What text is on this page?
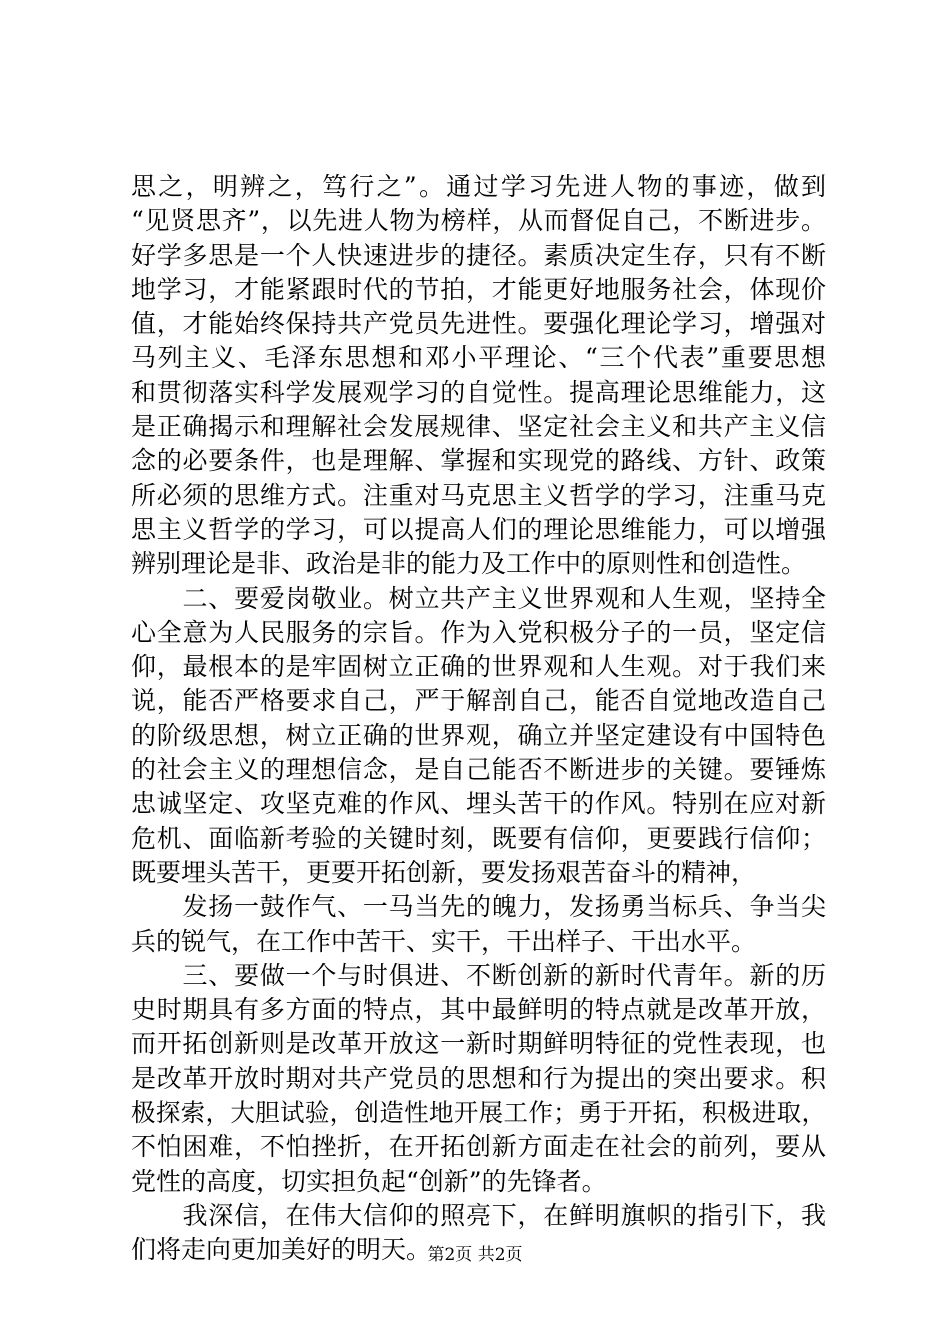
思之，明辨之，笃行之”。通过学习先进人物的事迹，做到
“见贤思齐”，以先进人物为榜样，从而督促自己，不断进步。
好学多思是一个人快速进步的捷径。素质决定生存，只有不断
地学习，才能紧跟时代的节拍，才能更好地服务社会，体现价
值，才能始终保持共产党员先进性。要强化理论学习，增强对
马列主义、毛泽东思想和邓小平理论、“三个代表”重要思想
和贯彻落实科学发展观学习的自觉性。提高理论思维能力，这
是正确揭示和理解社会发展规律、坚定社会主义和共产主义信
念的必要条件，也是理解、掌握和实现党的路线、方针、政策
所必须的思维方式。注重对马克思主义哲学的学习，注重马克
思主义哲学的学习，可以提高人们的理论思维能力，可以增强
辨别理论是非、政治是非的能力及工作中的原则性和创造性。
　　二、要爱岗敬业。树立共产主义世界观和人生观，坚持全
心全意为人民服务的宗旨。作为入党积极分子的一员，坚定信
仰，最根本的是牢固树立正确的世界观和人生观。对于我们来
说，能否严格要求自己，严于解剖自己，能否自觉地改造自己
的阶级思想，树立正确的世界观，确立并坚定建设有中国特色
的社会主义的理想信念，是自己能否不断进步的关键。要锤炼
忠诚坚定、攻坚克难的作风、埋头苦干的作风。特别在应对新
危机、面临新考验的关键时刻，既要有信仰，更要践行信仰；
既要埋头苦干，更要开拓创新，要发扬艰苦奋斗的精神，
　　发扬一鼓作气、一马当先的魄力，发扬勇当标兵、争当尖
兵的锐气，在工作中苦干、实干，干出样子、干出水平。
　　三、要做一个与时俱进、不断创新的新时代青年。新的历
史时期具有多方面的特点，其中最鲜明的特点就是改革开放，
而开拓创新则是改革开放这一新时期鲜明特征的党性表现，也
是改革开放时期对共产党员的思想和行为提出的突出要求。积
极探索，大胆试验，创造性地开展工作；勇于开拓，积极进取，
不怕困难，不怕挫折，在开拓创新方面走在社会的前列，要从
党性的高度，切实担负起“创新”的先锋者。
　　我深信，在伟大信仰的照亮下，在鲜明旗帜的指引下，我
们将走向更加美好的明天。
第2页 共2页
